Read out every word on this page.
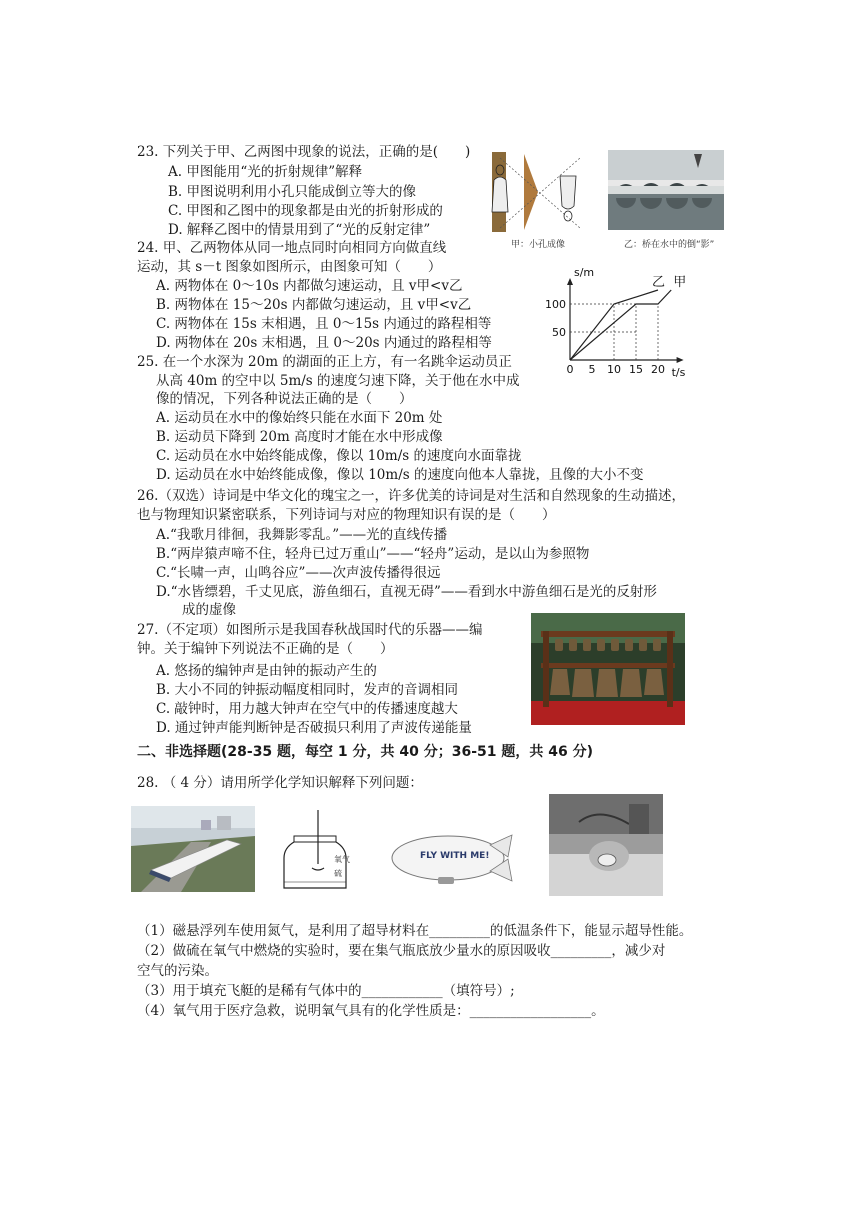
23. 下列关于甲、乙两图中现象的说法，正确的是(　　)
A. 甲图能用“光的折射规律”解释
B. 甲图说明利用小孔只能成倒立等大的像
C. 甲图和乙图中的现象都是由光的折射形成的
D. 解释乙图中的情景用到了“光的反射定律”
甲：小孔成像	乙：桥在水中的倒“影”
24. 甲、乙两物体从同一地点同时向相同方向做直线
运动，其 s－t 图象如图所示，由图象可知（　　）
A. 两物体在 0～10s 内都做匀速运动，且 v甲<v乙
B. 两物体在 15～20s 内都做匀速运动，且 v甲<v乙
C. 两物体在 15s 末相遇，且 0～15s 内通过的路程相等
D. 两物体在 20s 末相遇，且 0～20s 内通过的路程相等
0 5 10 15 20
50
100
t/s
s/m
甲
乙
25. 在一个水深为 20m 的湖面的正上方，有一名跳伞运动员正
从高 40m 的空中以 5m/s 的速度匀速下降，关于他在水中成
像的情况，下列各种说法正确的是（　　）
A. 运动员在水中的像始终只能在水面下 20m 处
B. 运动员下降到 20m 高度时才能在水中形成像
C. 运动员在水中始终能成像，像以 10m/s 的速度向水面靠拢
D. 运动员在水中始终能成像，像以 10m/s 的速度向他本人靠拢，且像的大小不变
26.（双选）诗词是中华文化的瑰宝之一，许多优美的诗词是对生活和自然现象的生动描述，
也与物理知识紧密联系，下列诗词与对应的物理知识有误的是（　　）
A.“我歌月徘徊，我舞影零乱。”——光的直线传播
B.“两岸猿声啼不住，轻舟已过万重山”——“轻舟”运动，是以山为参照物
C.“长啸一声，山鸣谷应”——次声波传播得很远
D.“水皆缥碧，千丈见底，游鱼细石，直视无碍”——看到水中游鱼细石是光的反射形
成的虚像
27.（不定项）如图所示是我国春秋战国时代的乐器——编
钟。关于编钟下列说法不正确的是（　　）
A. 悠扬的编钟声是由钟的振动产生的
B. 大小不同的钟振动幅度相同时，发声的音调相同
C. 敲钟时，用力越大钟声在空气中的传播速度越大
D. 通过钟声能判断钟是否破损只利用了声波传递能量
二、非选择题(28-35 题，每空 1 分，共 40 分；36-51 题，共 46 分)
28. （ 4 分）请用所学化学知识解释下列问题：
氧气
硫
FLY WITH ME!
（1）磁悬浮列车使用氮气，是利用了超导材料在_________的低温条件下，能显示超导性能。
（2）做硫在氧气中燃烧的实验时，要在集气瓶底放少量水的原因吸收_________，减少对
空气的污染。
（3）用于填充飞艇的是稀有气体中的____________（填符号）;
（4）氧气用于医疗急救，说明氧气具有的化学性质是：__________________。
